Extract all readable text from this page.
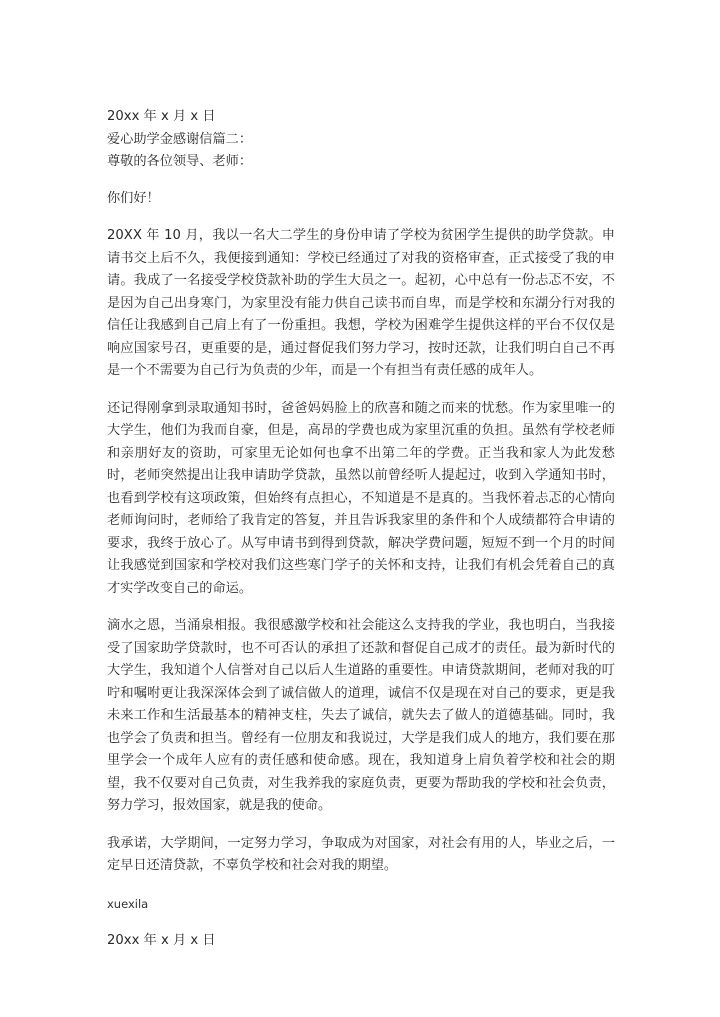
20xx 年 x 月 x 日
爱心助学金感谢信篇二：
尊敬的各位领导、老师：
你们好！
20XX 年 10 月，我以一名大二学生的身份申请了学校为贫困学生提供的助学贷款。申请书交上后不久，我便接到通知：学校已经通过了对我的资格审查，正式接受了我的申请。我成了一名接受学校贷款补助的学生大员之一。起初，心中总有一份忐忑不安，不是因为自己出身寒门，为家里没有能力供自己读书而自卑，而是学校和东湖分行对我的信任让我感到自己肩上有了一份重担。我想，学校为困难学生提供这样的平台不仅仅是响应国家号召，更重要的是，通过督促我们努力学习，按时还款，让我们明白自己不再是一个不需要为自己行为负责的少年，而是一个有担当有责任感的成年人。
还记得刚拿到录取通知书时，爸爸妈妈脸上的欣喜和随之而来的忧愁。作为家里唯一的大学生，他们为我而自豪，但是，高昂的学费也成为家里沉重的负担。虽然有学校老师和亲朋好友的资助，可家里无论如何也拿不出第二年的学费。正当我和家人为此发愁时，老师突然提出让我申请助学贷款，虽然以前曾经听人提起过，收到入学通知书时，也看到学校有这项政策，但始终有点担心，不知道是不是真的。当我怀着忐忑的心情向老师询问时，老师给了我肯定的答复，并且告诉我家里的条件和个人成绩都符合申请的要求，我终于放心了。从写申请书到得到贷款，解决学费问题，短短不到一个月的时间让我感觉到国家和学校对我们这些寒门学子的关怀和支持，让我们有机会凭着自己的真才实学改变自己的命运。
滴水之恩，当涌泉相报。我很感激学校和社会能这么支持我的学业，我也明白，当我接受了国家助学贷款时，也不可否认的承担了还款和督促自己成才的责任。最为新时代的大学生，我知道个人信誉对自己以后人生道路的重要性。申请贷款期间，老师对我的叮咛和嘱咐更让我深深体会到了诚信做人的道理，诚信不仅是现在对自己的要求，更是我未来工作和生活最基本的精神支柱，失去了诚信，就失去了做人的道德基础。同时，我也学会了负责和担当。曾经有一位朋友和我说过，大学是我们成人的地方，我们要在那里学会一个成年人应有的责任感和使命感。现在，我知道身上肩负着学校和社会的期望，我不仅要对自己负责，对生我养我的家庭负责，更要为帮助我的学校和社会负责，努力学习，报效国家，就是我的使命。
我承诺，大学期间，一定努力学习，争取成为对国家，对社会有用的人，毕业之后，一定早日还清贷款，不辜负学校和社会对我的期望。
xuexila
20xx 年 x 月 x 日
